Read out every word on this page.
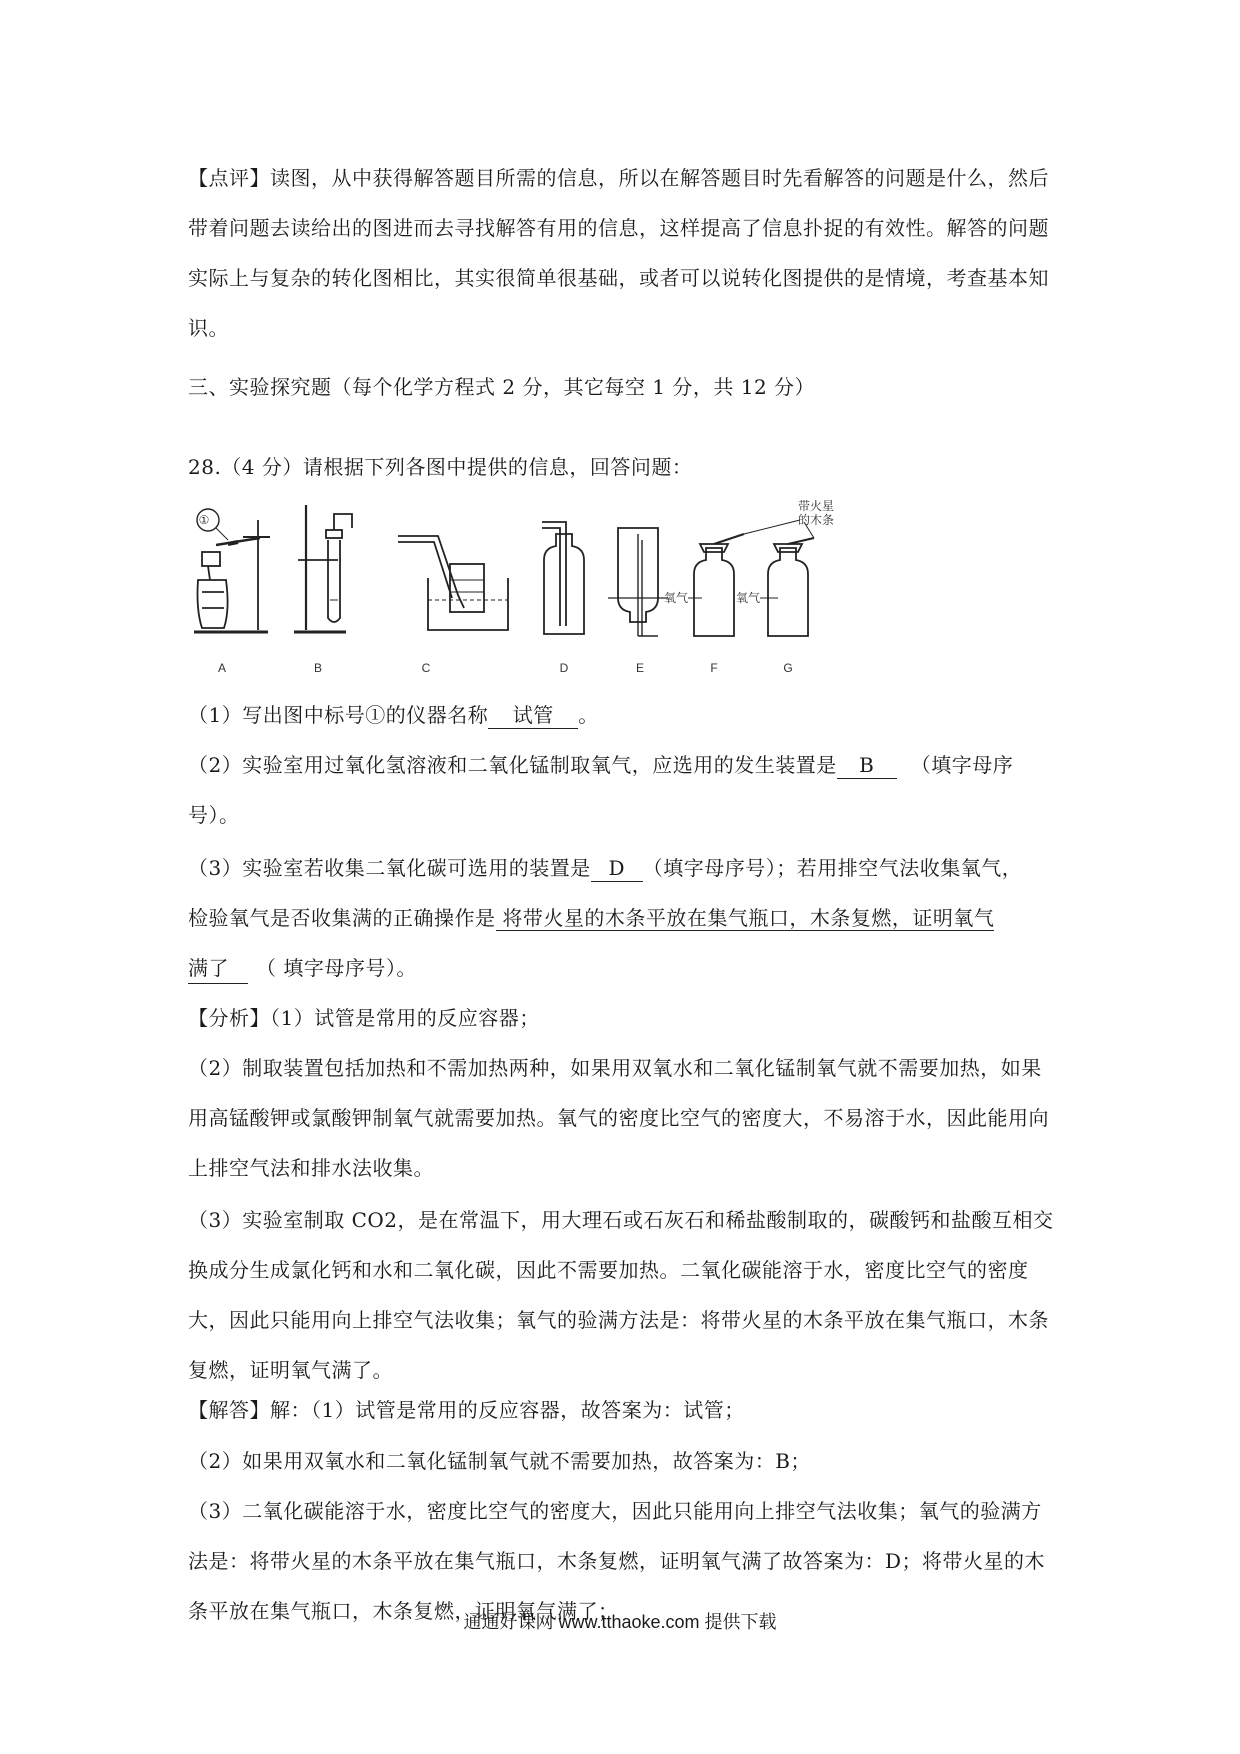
【点评】读图，从中获得解答题目所需的信息，所以在解答题目时先看解答的问题是什么，然后带着问题去读给出的图进而去寻找解答有用的信息，这样提高了信息扑捉的有效性。解答的问题实际上与复杂的转化图相比，其实很简单很基础，或者可以说转化图提供的是情境，考查基本知识。
三、实验探究题（每个化学方程式 2 分，其它每空 1 分，共 12 分）
28.（4 分）请根据下列各图中提供的信息，回答问题：
①
带火星
的木条
氧气	氧气
A	B	C	D	E	F	G
（1）写出图中标号①的仪器名称 试管 。
（2）实验室用过氧化氢溶液和二氧化锰制取氧气，应选用的发生装置是 B （填字母序
号）。
（3）实验室若收集二氧化碳可选用的装置是 D （填字母序号）；若用排空气法收集氧气，
检验氧气是否收集满的正确操作是 将带火星的木条平放在集气瓶口，木条复燃，证明氧气
满了 （ 填字母序号）。
【分析】（1）试管是常用的反应容器；
（2）制取装置包括加热和不需加热两种，如果用双氧水和二氧化锰制氧气就不需要加热，如果用高锰酸钾或氯酸钾制氧气就需要加热。氧气的密度比空气的密度大，不易溶于水，因此能用向上排空气法和排水法收集。
（3）实验室制取 CO2，是在常温下，用大理石或石灰石和稀盐酸制取的，碳酸钙和盐酸互相交换成分生成氯化钙和水和二氧化碳，因此不需要加热。二氧化碳能溶于水，密度比空气的密度大，因此只能用向上排空气法收集；氧气的验满方法是：将带火星的木条平放在集气瓶口，木条复燃，证明氧气满了。
【解答】解：（1）试管是常用的反应容器，故答案为：试管；
（2）如果用双氧水和二氧化锰制氧气就不需要加热，故答案为：B；
（3）二氧化碳能溶于水，密度比空气的密度大，因此只能用向上排空气法收集；氧气的验满方法是：将带火星的木条平放在集气瓶口，木条复燃，证明氧气满了故答案为：D；将带火星的木条平放在集气瓶口，木条复燃，证明氧气满了；
通通好课网 www.tthaoke.com 提供下载
